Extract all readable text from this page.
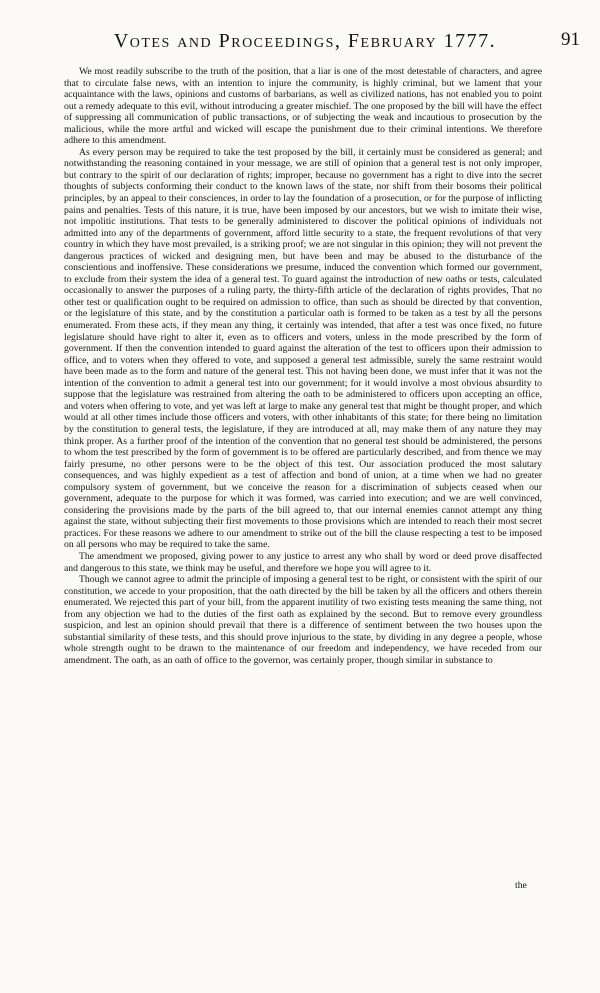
Votes and Proceedings, February 1777.	91

We most readily subscribe to the truth of the position, that a liar is one of the most detestable of characters, and agree that to circulate false news, with an intention to injure the community, is highly criminal, but we lament that your acquaintance with the laws, opinions and customs of barbarians, as well as civilized nations, has not enabled you to point out a remedy adequate to this evil, without introducing a greater mischief. The one proposed by the bill will have the effect of suppressing all communication of public transactions, or of subjecting the weak and incautious to prosecution by the malicious, while the more artful and wicked will escape the punishment due to their criminal intentions. We therefore adhere to this amendment.

As every person may be required to take the test proposed by the bill, it certainly must be considered as general; and notwithstanding the reasoning contained in your message, we are still of opinion that a general test is not only improper, but contrary to the spirit of our declaration of rights; improper, because no government has a right to dive into the secret thoughts of subjects conforming their conduct to the known laws of the state, nor shift from their bosoms their political principles, by an appeal to their consciences, in order to lay the foundation of a prosecution, or for the purpose of inflicting pains and penalties. Tests of this nature, it is true, have been imposed by our ancestors, but we wish to imitate their wise, not impolitic institutions. That tests to be generally administered to discover the political opinions of individuals not admitted into any of the departments of government, afford little security to a state, the frequent revolutions of that very country in which they have most prevailed, is a striking proof; we are not singular in this opinion; they will not prevent the dangerous practices of wicked and designing men, but have been and may be abused to the disturbance of the conscientious and inoffensive. These considerations we presume, induced the convention which formed our government, to exclude from their system the idea of a general test. To guard against the introduction of new oaths or tests, calculated occasionally to answer the purposes of a ruling party, the thirty-fifth article of the declaration of rights provides, That no other test or qualification ought to be required on admission to office, than such as should be directed by that convention, or the legislature of this state, and by the constitution a particular oath is formed to be taken as a test by all the persons enumerated. From these acts, if they mean any thing, it certainly was intended, that after a test was once fixed, no future legislature should have right to alter it, even as to officers and voters, unless in the mode prescribed by the form of government. If then the convention intended to guard against the alteration of the test to officers upon their admission to office, and to voters when they offered to vote, and supposed a general test admissible, surely the same restraint would have been made as to the form and nature of the general test. This not having been done, we must infer that it was not the intention of the convention to admit a general test into our government; for it would involve a most obvious absurdity to suppose that the legislature was restrained from altering the oath to be administered to officers upon accepting an office, and voters when offering to vote, and yet was left at large to make any general test that might be thought proper, and which would at all other times include those officers and voters, with other inhabitants of this state; for there being no limitation by the constitution to general tests, the legislature, if they are introduced at all, may make them of any nature they may think proper. As a further proof of the intention of the convention that no general test should be administered, the persons to whom the test prescribed by the form of government is to be offered are particularly described, and from thence we may fairly presume, no other persons were to be the object of this test. Our association produced the most salutary consequences, and was highly expedient as a test of affection and bond of union, at a time when we had no greater compulsory system of government, but we conceive the reason for a discrimination of subjects ceased when our government, adequate to the purpose for which it was formed, was carried into execution; and we are well convinced, considering the provisions made by the parts of the bill agreed to, that our internal enemies cannot attempt any thing against the state, without subjecting their first movements to those provisions which are intended to reach their most secret practices. For these reasons we adhere to our amendment to strike out of the bill the clause respecting a test to be imposed on all persons who may be required to take the same.

The amendment we proposed, giving power to any justice to arrest any who shall by word or deed prove disaffected and dangerous to this state, we think may be useful, and therefore we hope you will agree to it.

Though we cannot agree to admit the principle of imposing a general test to be right, or consistent with the spirit of our constitution, we accede to your proposition, that the oath directed by the bill be taken by all the officers and others therein enumerated. We rejected this part of your bill, from the apparent inutility of two existing tests meaning the same thing, not from any objection we had to the duties of the first oath as explained by the second. But to remove every groundless suspicion, and lest an opinion should prevail that there is a difference of sentiment between the two houses upon the substantial similarity of these tests, and this should prove injurious to the state, by dividing in any degree a people, whose whole strength ought to be drawn to the maintenance of our freedom and independency, we have receded from our amendment. The oath, as an oath of office to the governor, was certainly proper, though similar in substance to

the
